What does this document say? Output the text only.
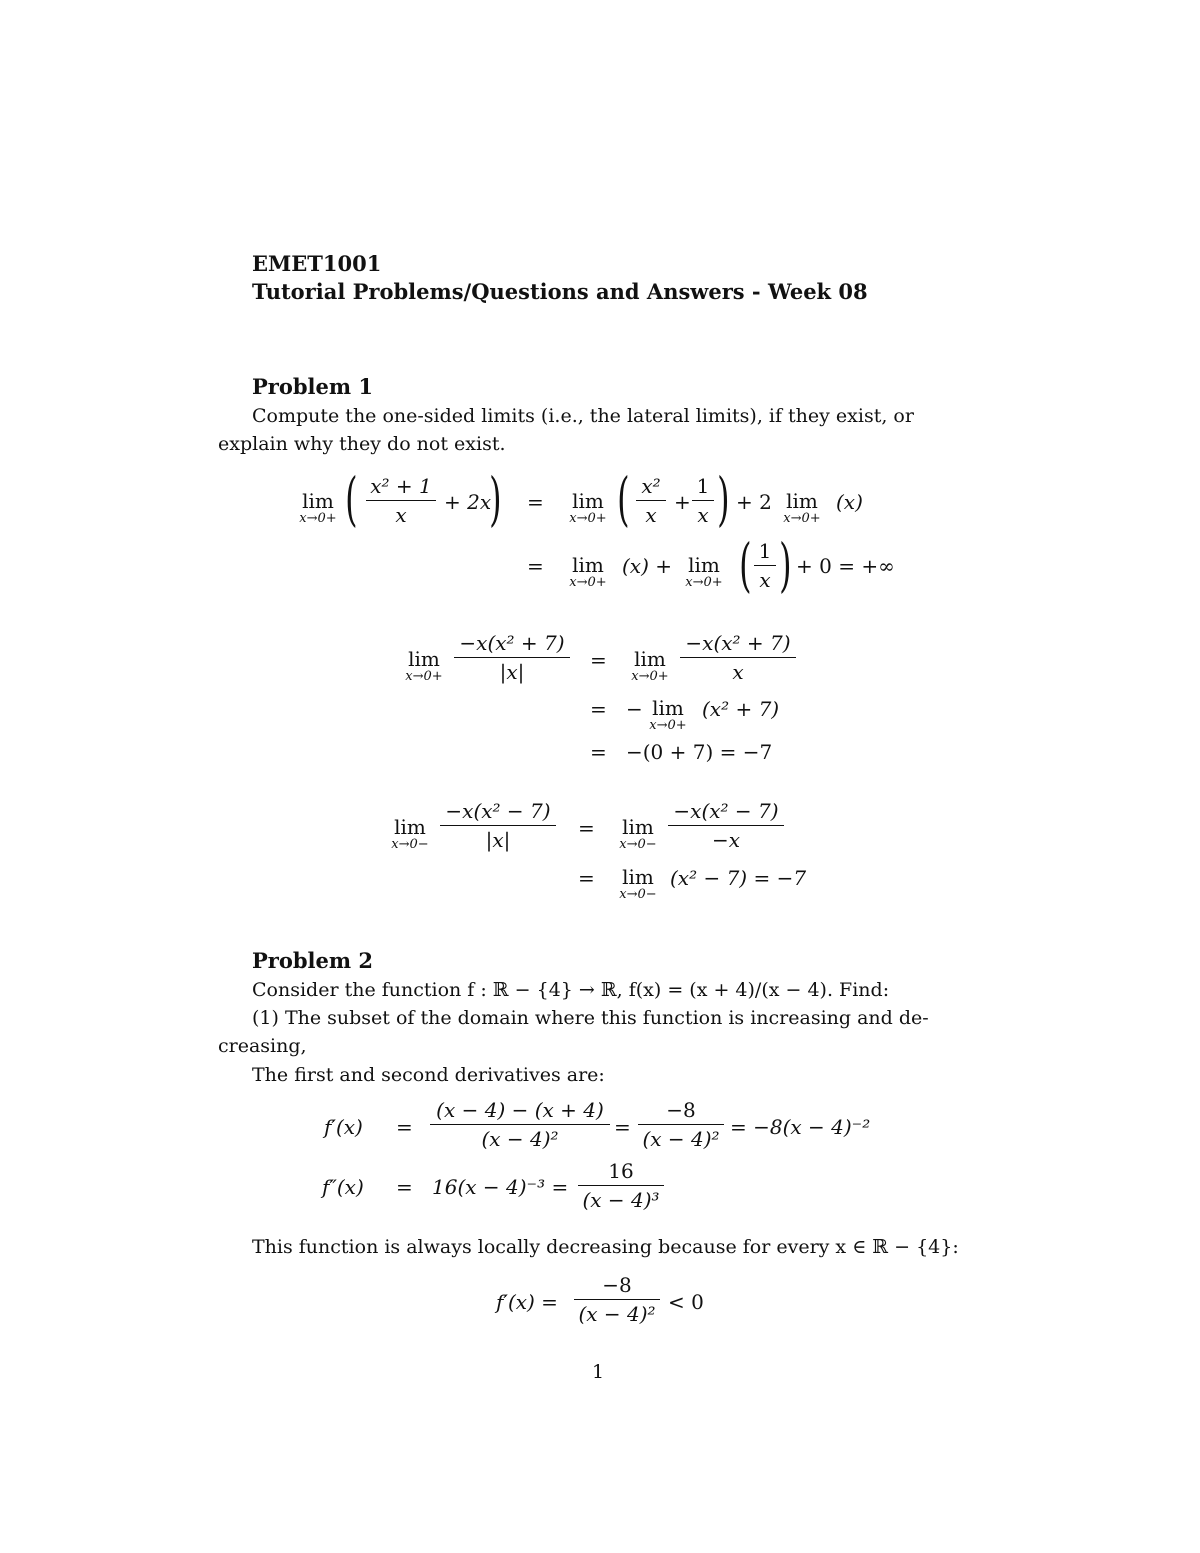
EMET1001
Tutorial Problems/Questions and Answers - Week 08
Problem 1
Compute the one-sided limits (i.e., the lateral limits), if they exist, or
explain why they do not exist.
lim
x→0+ ( x² + 1
x
+ 2x
) =	lim
x→0+ ( x²
x
+
1
x ) + 2 lim
x→0+
(x)
=	lim
x→0+
(x) + lim
x→0+ ( 1
x ) + 0 = +∞
lim
x→0+
−x(x² + 7)
|x|	=	lim
x→0+
−x(x² + 7)
x
= − lim
x→0+
(x² + 7)
= −(0 + 7) = −7
lim
x→0−
−x(x² − 7)
|x|	=	lim
x→0−
−x(x² − 7)
−x
=	lim
x→0−
(x² − 7) = −7
Problem 2
Consider the function f : ℝ − {4} → ℝ, f(x) = (x + 4)/(x − 4). Find:
(1) The subset of the domain where this function is increasing and de-
creasing,
The first and second derivatives are:
f′(x) =
(x − 4) − (x + 4)
(x − 4)²	=
−8
(x − 4)² = −8(x − 4)⁻²
f″(x) = 16(x − 4)⁻³ =
16
(x − 4)³
This function is always locally decreasing because for every x ∈ ℝ − {4}:
f′(x) =
−8
(x − 4)² < 0
1
